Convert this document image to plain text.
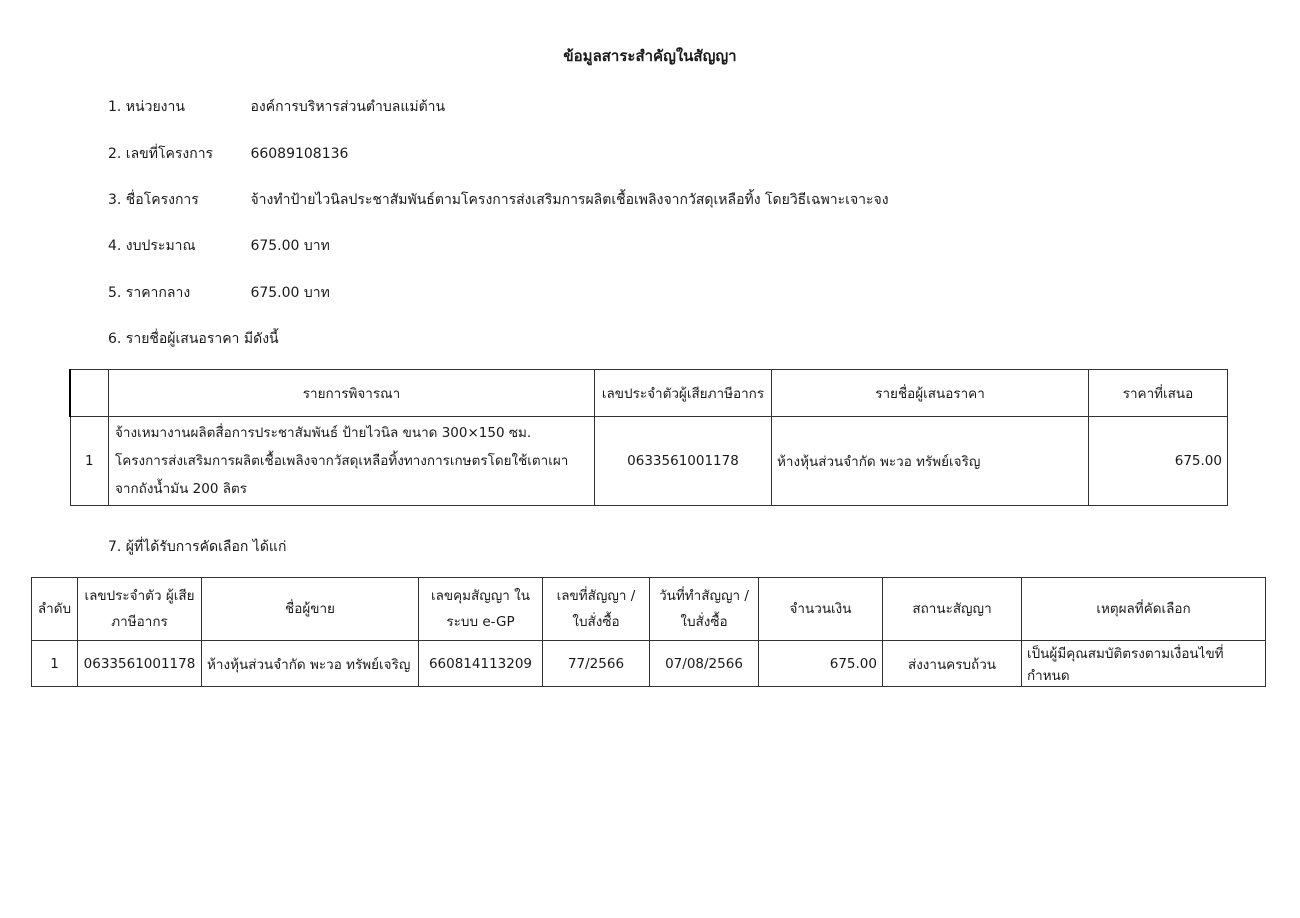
ข้อมูลสาระสำคัญในสัญญา
1. หน่วยงาน	องค์การบริหารส่วนตำบลแม่ต้าน
2. เลขที่โครงการ	66089108136
3. ชื่อโครงการ	จ้างทำป้ายไวนิลประชาสัมพันธ์ตามโครงการส่งเสริมการผลิตเชื้อเพลิงจากวัสดุเหลือทิ้ง โดยวิธีเฉพาะเจาะจง
4. งบประมาณ	675.00 บาท
5. ราคากลาง	675.00 บาท
6. รายชื่อผู้เสนอราคา มีดังนี้
	รายการพิจารณา	เลขประจำตัวผู้เสียภาษีอากร	รายชื่อผู้เสนอราคา	ราคาที่เสนอ
1	จ้างเหมางานผลิตสื่อการประชาสัมพันธ์ ป้ายไวนิล ขนาด 300×150 ซม. โครงการส่งเสริมการผลิตเชื้อเพลิงจากวัสดุเหลือทิ้งทางการเกษตรโดยใช้เตาเผาจากถังน้ำมัน 200 ลิตร	0633561001178	ห้างหุ้นส่วนจำกัด พะวอ ทรัพย์เจริญ	675.00
7. ผู้ที่ได้รับการคัดเลือก ได้แก่
ลำดับ	เลขประจำตัว ผู้เสียภาษีอากร	ชื่อผู้ขาย	เลขคุมสัญญา ในระบบ e-GP	เลขที่สัญญา / ใบสั่งซื้อ	วันที่ทำสัญญา / ใบสั่งซื้อ	จำนวนเงิน	สถานะสัญญา	เหตุผลที่คัดเลือก
1	0633561001178	ห้างหุ้นส่วนจำกัด พะวอ ทรัพย์เจริญ	660814113209	77/2566	07/08/2566	675.00	ส่งงานครบถ้วน	เป็นผู้มีคุณสมบัติตรงตามเงื่อนไขที่กำหนด
